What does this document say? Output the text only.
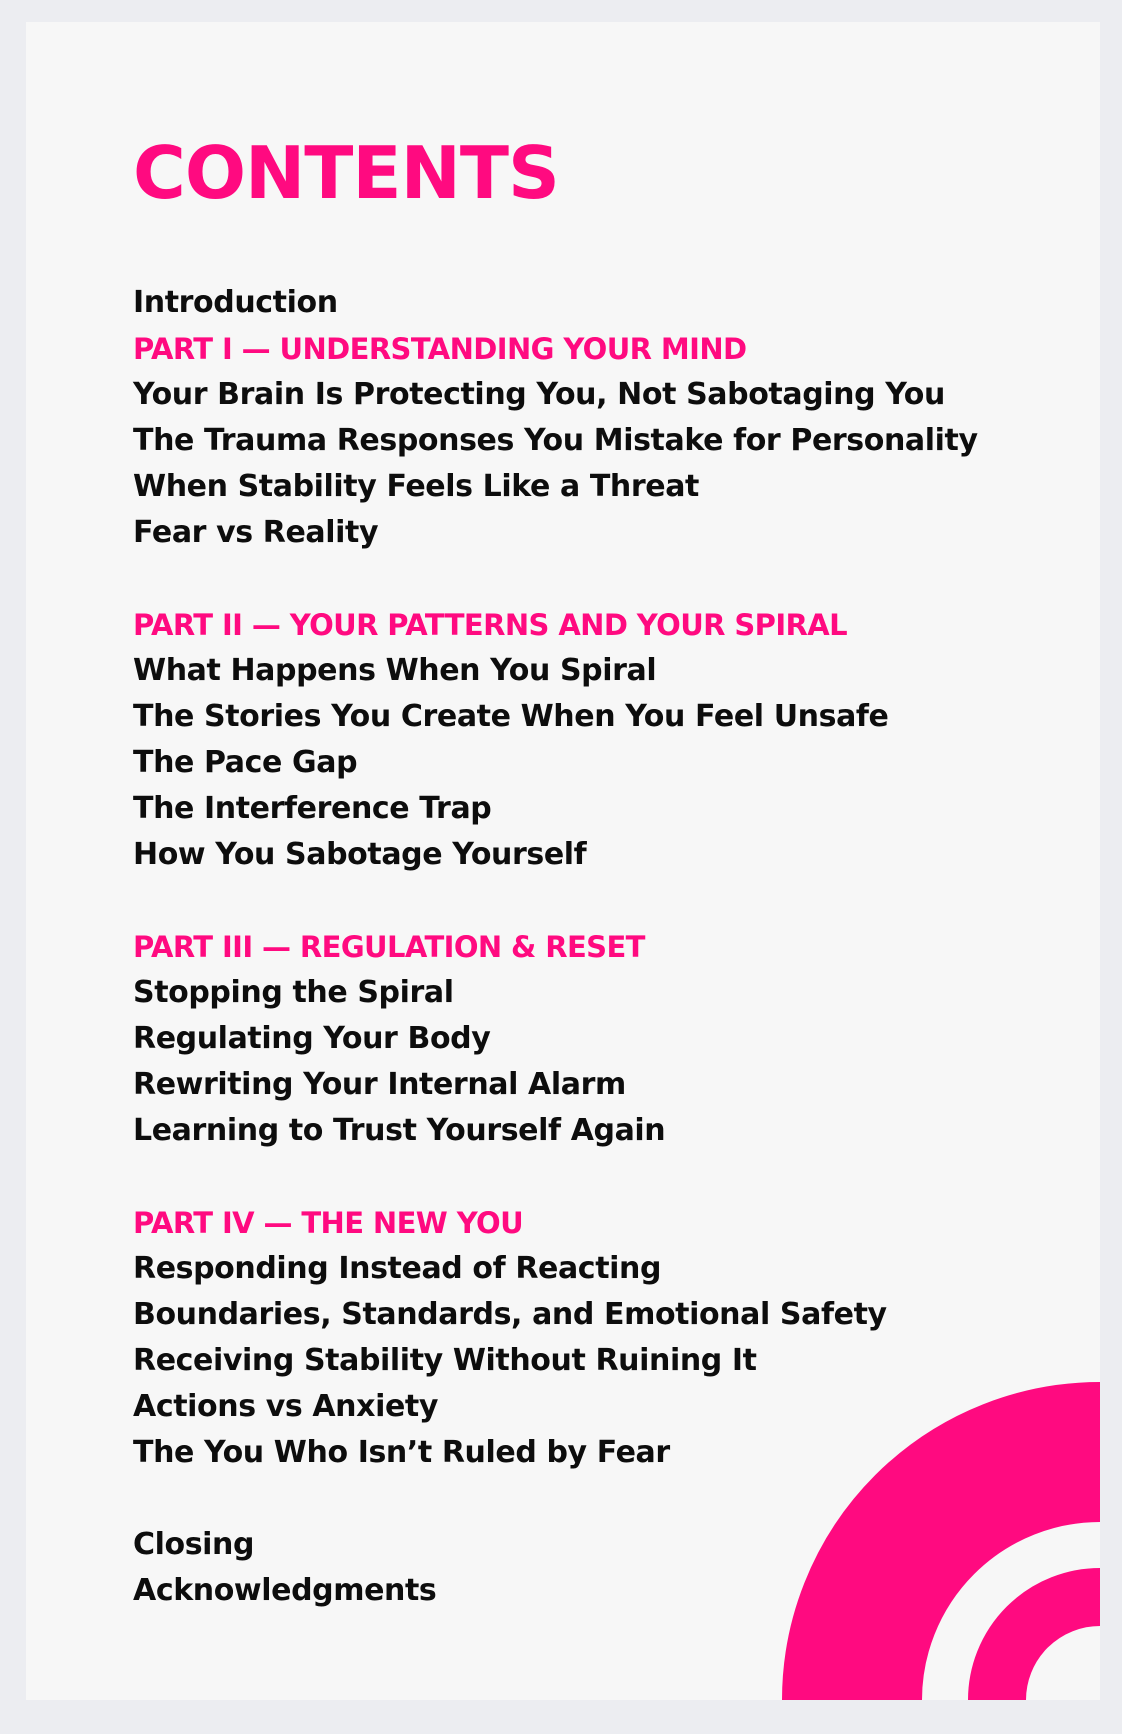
CONTENTS
Introduction
PART I — UNDERSTANDING YOUR MIND
Your Brain Is Protecting You, Not Sabotaging You
The Trauma Responses You Mistake for Personality
When Stability Feels Like a Threat
Fear vs Reality
PART II — YOUR PATTERNS AND YOUR SPIRAL
What Happens When You Spiral
The Stories You Create When You Feel Unsafe
The Pace Gap
The Interference Trap
How You Sabotage Yourself
PART III — REGULATION & RESET
Stopping the Spiral
Regulating Your Body
Rewriting Your Internal Alarm
Learning to Trust Yourself Again
PART IV — THE NEW YOU
Responding Instead of Reacting
Boundaries, Standards, and Emotional Safety
Receiving Stability Without Ruining It
Actions vs Anxiety
The You Who Isn’t Ruled by Fear
Closing
Acknowledgments
